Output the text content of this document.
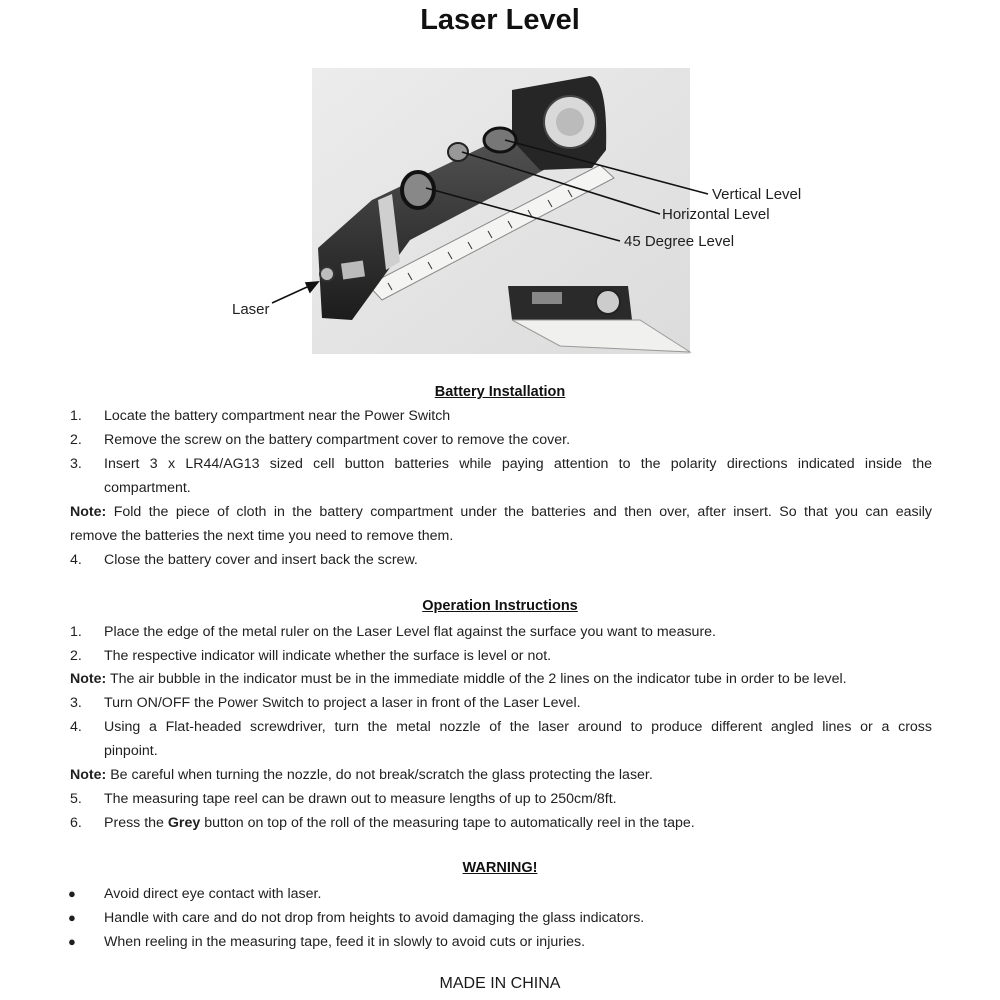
Laser Level
Vertical Level
Horizontal Level
45 Degree Level
Laser
Battery Installation
1.	Locate the battery compartment near the Power Switch
2.	Remove the screw on the battery compartment cover to remove the cover.
3.	Insert 3 x LR44/AG13 sized cell button batteries while paying attention to the polarity directions indicated inside the
compartment.
Note: Fold the piece of cloth in the battery compartment under the batteries and then over, after insert. So that you can easily
remove the batteries the next time you need to remove them.
4.	Close the battery cover and insert back the screw.
Operation Instructions
1.	Place the edge of the metal ruler on the Laser Level flat against the surface you want to measure.
2.	The respective indicator will indicate whether the surface is level or not.
Note: The air bubble in the indicator must be in the immediate middle of the 2 lines on the indicator tube in order to be level.
3.	Turn ON/OFF the Power Switch to project a laser in front of the Laser Level.
4.	Using a Flat-headed screwdriver, turn the metal nozzle of the laser around to produce different angled lines or a cross
pinpoint.
Note: Be careful when turning the nozzle, do not break/scratch the glass protecting the laser.
5.	The measuring tape reel can be drawn out to measure lengths of up to 250cm/8ft.
6.	Press the Grey button on top of the roll of the measuring tape to automatically reel in the tape.
WARNING!
● Avoid direct eye contact with laser.
● Handle with care and do not drop from heights to avoid damaging the glass indicators.
● When reeling in the measuring tape, feed it in slowly to avoid cuts or injuries.
MADE IN CHINA
